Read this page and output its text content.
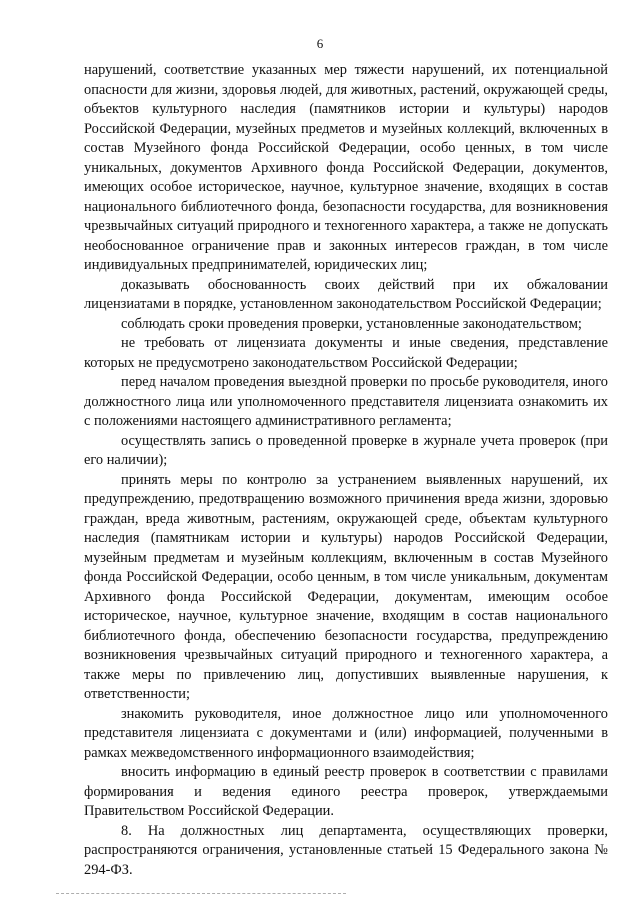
6

нарушений, соответствие указанных мер тяжести нарушений, их потенциальной опасности для жизни, здоровья людей, для животных, растений, окружающей среды, объектов культурного наследия (памятников истории и культуры) народов Российской Федерации, музейных предметов и музейных коллекций, включенных в состав Музейного фонда Российской Федерации, особо ценных, в том числе уникальных, документов Архивного фонда Российской Федерации, документов, имеющих особое историческое, научное, культурное значение, входящих в состав национального библиотечного фонда, безопасности государства, для возникновения чрезвычайных ситуаций природного и техногенного характера, а также не допускать необоснованное ограничение прав и законных интересов граждан, в том числе индивидуальных предпринимателей, юридических лиц;

доказывать обоснованность своих действий при их обжаловании лицензиатами в порядке, установленном законодательством Российской Федерации;

соблюдать сроки проведения проверки, установленные законодательством;

не требовать от лицензиата документы и иные сведения, представление которых не предусмотрено законодательством Российской Федерации;

перед началом проведения выездной проверки по просьбе руководителя, иного должностного лица или уполномоченного представителя лицензиата ознакомить их с положениями настоящего административного регламента;

осуществлять запись о проведенной проверке в журнале учета проверок (при его наличии);

принять меры по контролю за устранением выявленных нарушений, их предупреждению, предотвращению возможного причинения вреда жизни, здоровью граждан, вреда животным, растениям, окружающей среде, объектам культурного наследия (памятникам истории и культуры) народов Российской Федерации, музейным предметам и музейным коллекциям, включенным в состав Музейного фонда Российской Федерации, особо ценным, в том числе уникальным, документам Архивного фонда Российской Федерации, документам, имеющим особое историческое, научное, культурное значение, входящим в состав национального библиотечного фонда, обеспечению безопасности государства, предупреждению возникновения чрезвычайных ситуаций природного и техногенного характера, а также меры по привлечению лиц, допустивших выявленные нарушения, к ответственности;

знакомить руководителя, иное должностное лицо или уполномоченного представителя лицензиата с документами и (или) информацией, полученными в рамках межведомственного информационного взаимодействия;

вносить информацию в единый реестр проверок в соответствии с правилами формирования и ведения единого реестра проверок, утверждаемыми Правительством Российской Федерации.

8. На должностных лиц департамента, осуществляющих проверки, распространяются ограничения, установленные статьей 15 Федерального закона № 294-ФЗ.
